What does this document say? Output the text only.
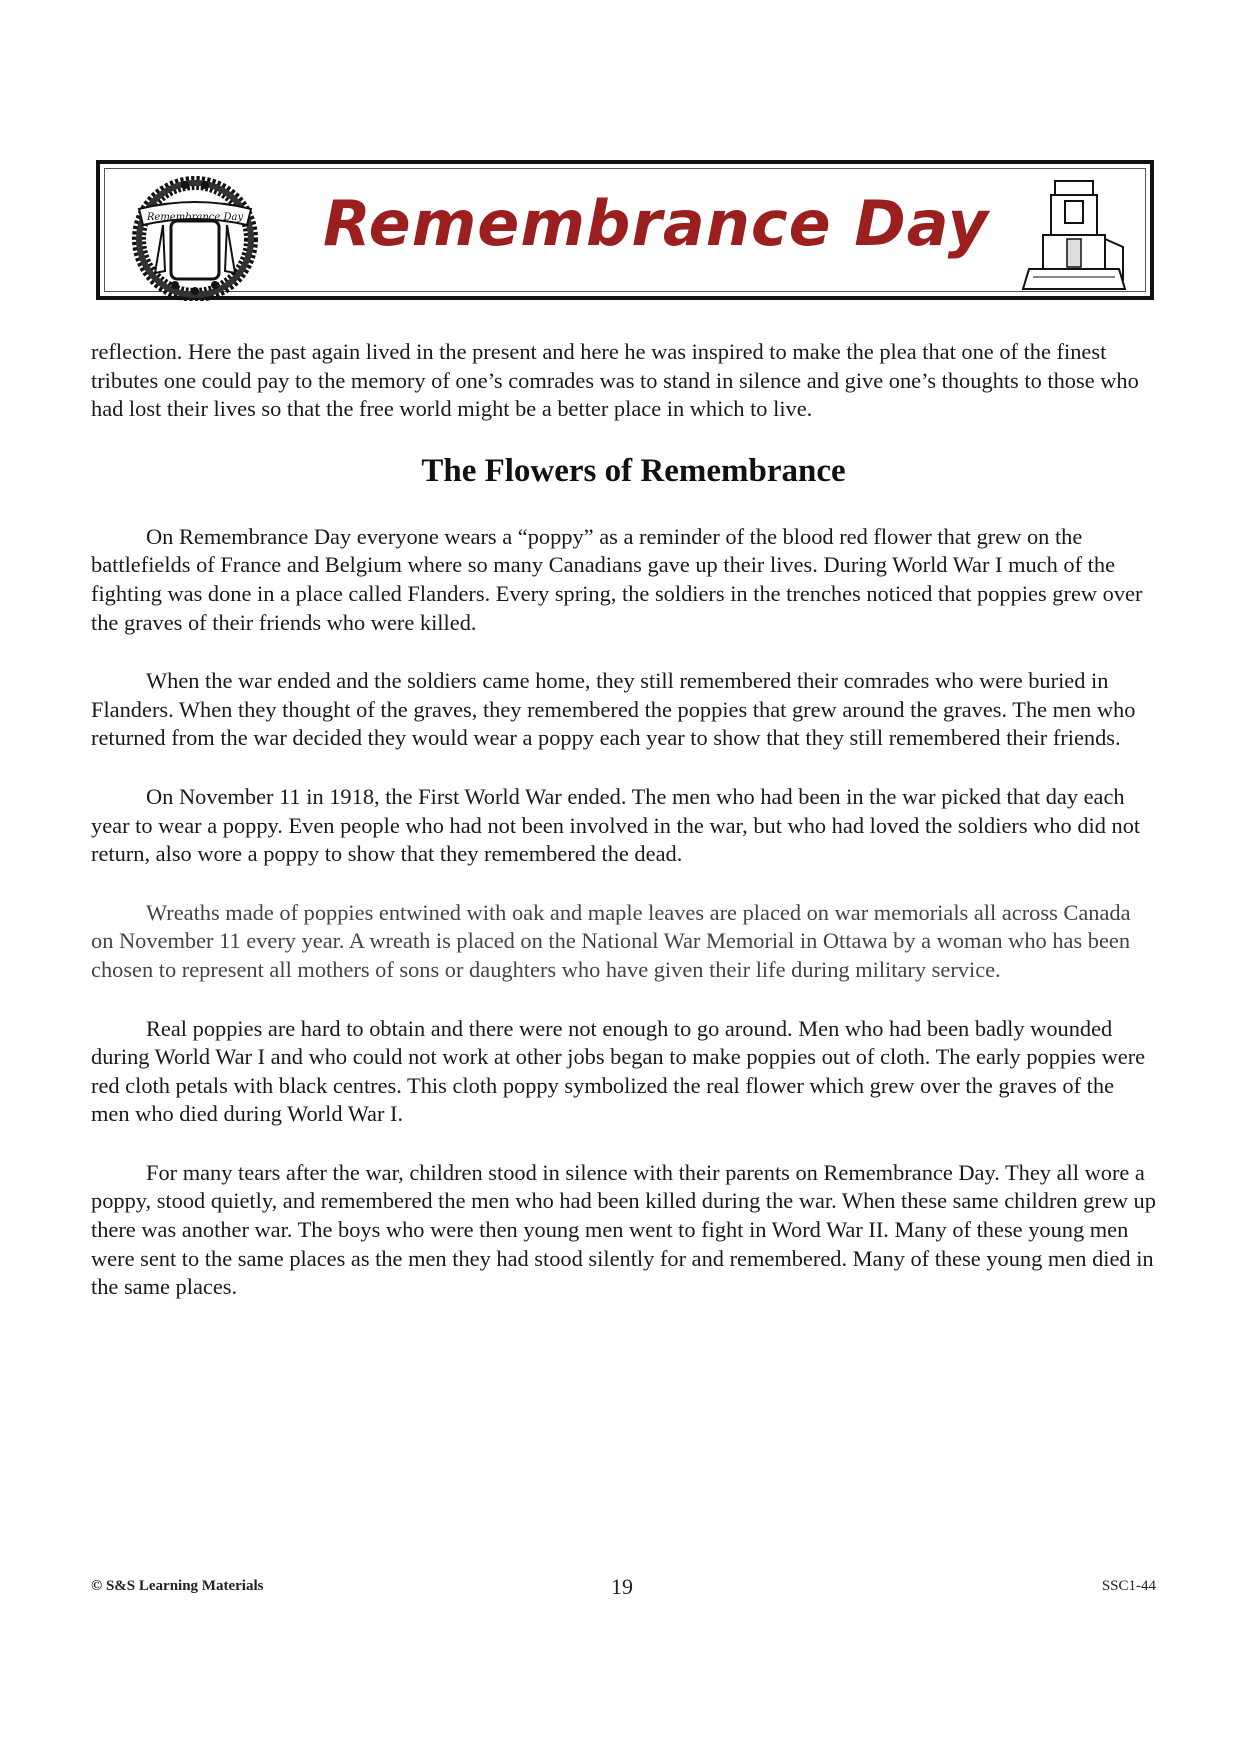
Remembrance Day Remembrance Day

reflection. Here the past again lived in the present and here he was inspired to make the plea that one of the finest tributes one could pay to the memory of one’s comrades was to stand in silence and give one’s thoughts to those who had lost their lives so that the free world might be a better place in which to live.

The Flowers of Remembrance

On Remembrance Day everyone wears a “poppy” as a reminder of the blood red flower that grew on the battlefields of France and Belgium where so many Canadians gave up their lives. During World War I much of the fighting was done in a place called Flanders. Every spring, the soldiers in the trenches noticed that poppies grew over the graves of their friends who were killed.

When the war ended and the soldiers came home, they still remembered their comrades who were buried in Flanders. When they thought of the graves, they remembered the poppies that grew around the graves. The men who returned from the war decided they would wear a poppy each year to show that they still remembered their friends.

On November 11 in 1918, the First World War ended. The men who had been in the war picked that day each year to wear a poppy. Even people who had not been involved in the war, but who had loved the soldiers who did not return, also wore a poppy to show that they remembered the dead.

Wreaths made of poppies entwined with oak and maple leaves are placed on war memorials all across Canada on November 11 every year. A wreath is placed on the National War Memorial in Ottawa by a woman who has been chosen to represent all mothers of sons or daughters who have given their life during military service.

Real poppies are hard to obtain and there were not enough to go around. Men who had been badly wounded during World War I and who could not work at other jobs began to make poppies out of cloth. The early poppies were red cloth petals with black centres. This cloth poppy symbolized the real flower which grew over the graves of the men who died during World War I.

For many tears after the war, children stood in silence with their parents on Remembrance Day. They all wore a poppy, stood quietly, and remembered the men who had been killed during the war. When these same children grew up there was another war. The boys who were then young men went to fight in Word War II. Many of these young men were sent to the same places as the men they had stood silently for and remembered. Many of these young men died in the same places.

© S&S Learning Materials	19	SSC1-44
